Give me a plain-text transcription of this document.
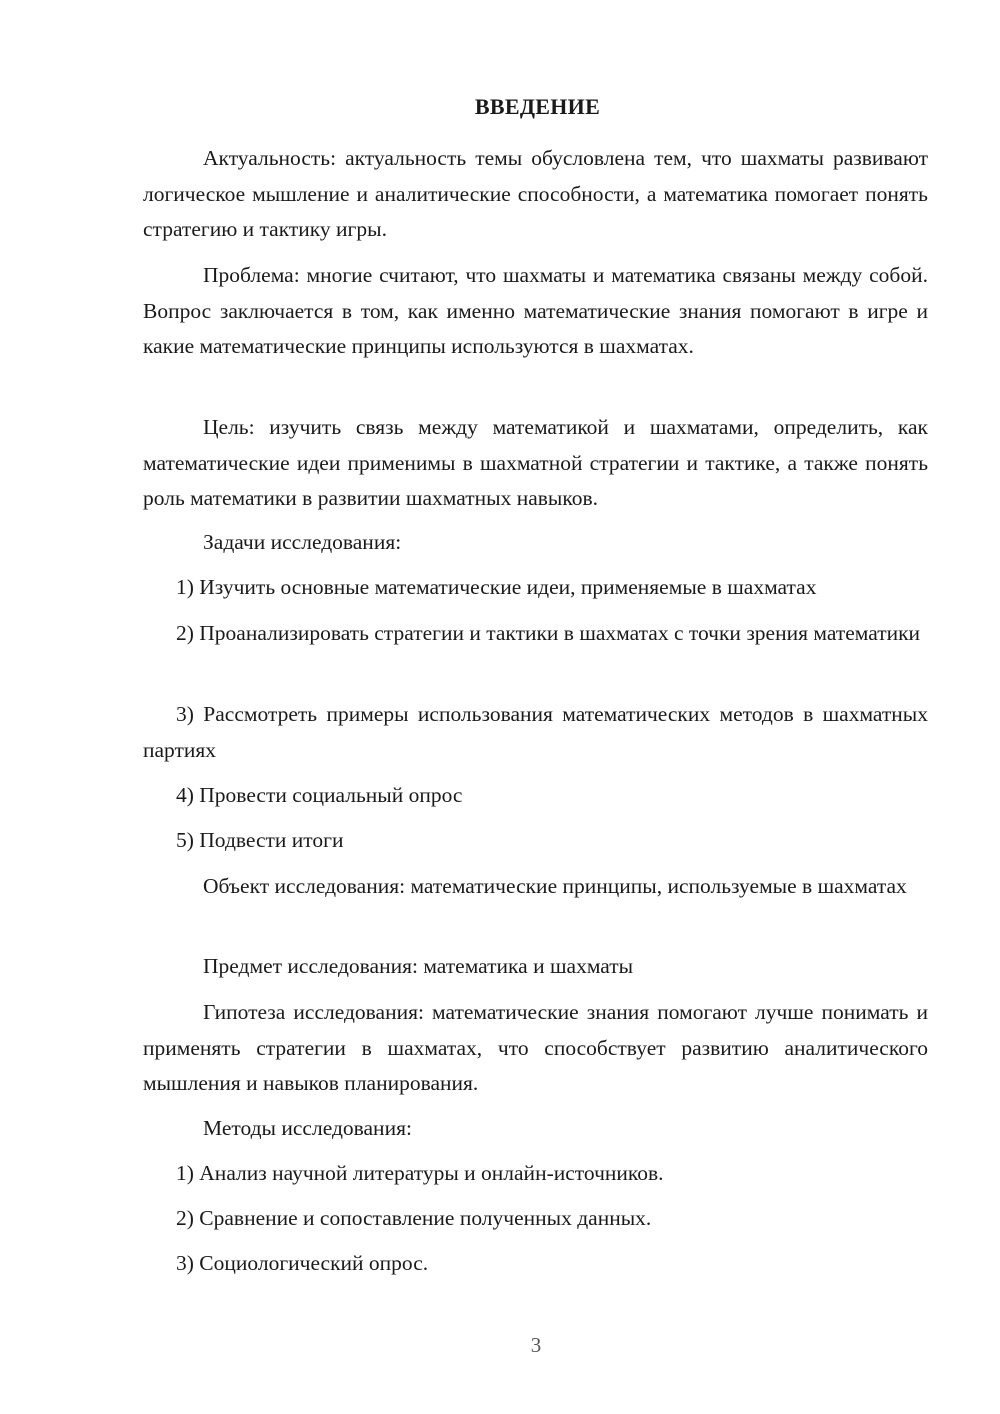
ВВЕДЕНИЕ
Актуальность: актуальность темы обусловлена тем, что шахматы развивают логическое мышление и аналитические способности, а математика помогает понять стратегию и тактику игры.
Проблема: многие считают, что шахматы и математика связаны между собой. Вопрос заключается в том, как именно математические знания помогают в игре и какие математические принципы используются в шахматах.
Цель: изучить связь между математикой и шахматами, определить, как математические идеи применимы в шахматной стратегии и тактике, а также понять роль математики в развитии шахматных навыков.
Задачи исследования:
1) Изучить основные математические идеи, применяемые в шахматах
2) Проанализировать стратегии и тактики в шахматах с точки зрения математики
3) Рассмотреть примеры использования математических методов в шахматных партиях
4) Провести социальный опрос
5) Подвести итоги
Объект исследования: математические принципы, используемые в шахматах
Предмет исследования: математика и шахматы
Гипотеза исследования: математические знания помогают лучше понимать и применять стратегии в шахматах, что способствует развитию аналитического мышления и навыков планирования.
Методы исследования:
1) Анализ научной литературы и онлайн-источников.
2) Сравнение и сопоставление полученных данных.
3) Социологический опрос.
3
